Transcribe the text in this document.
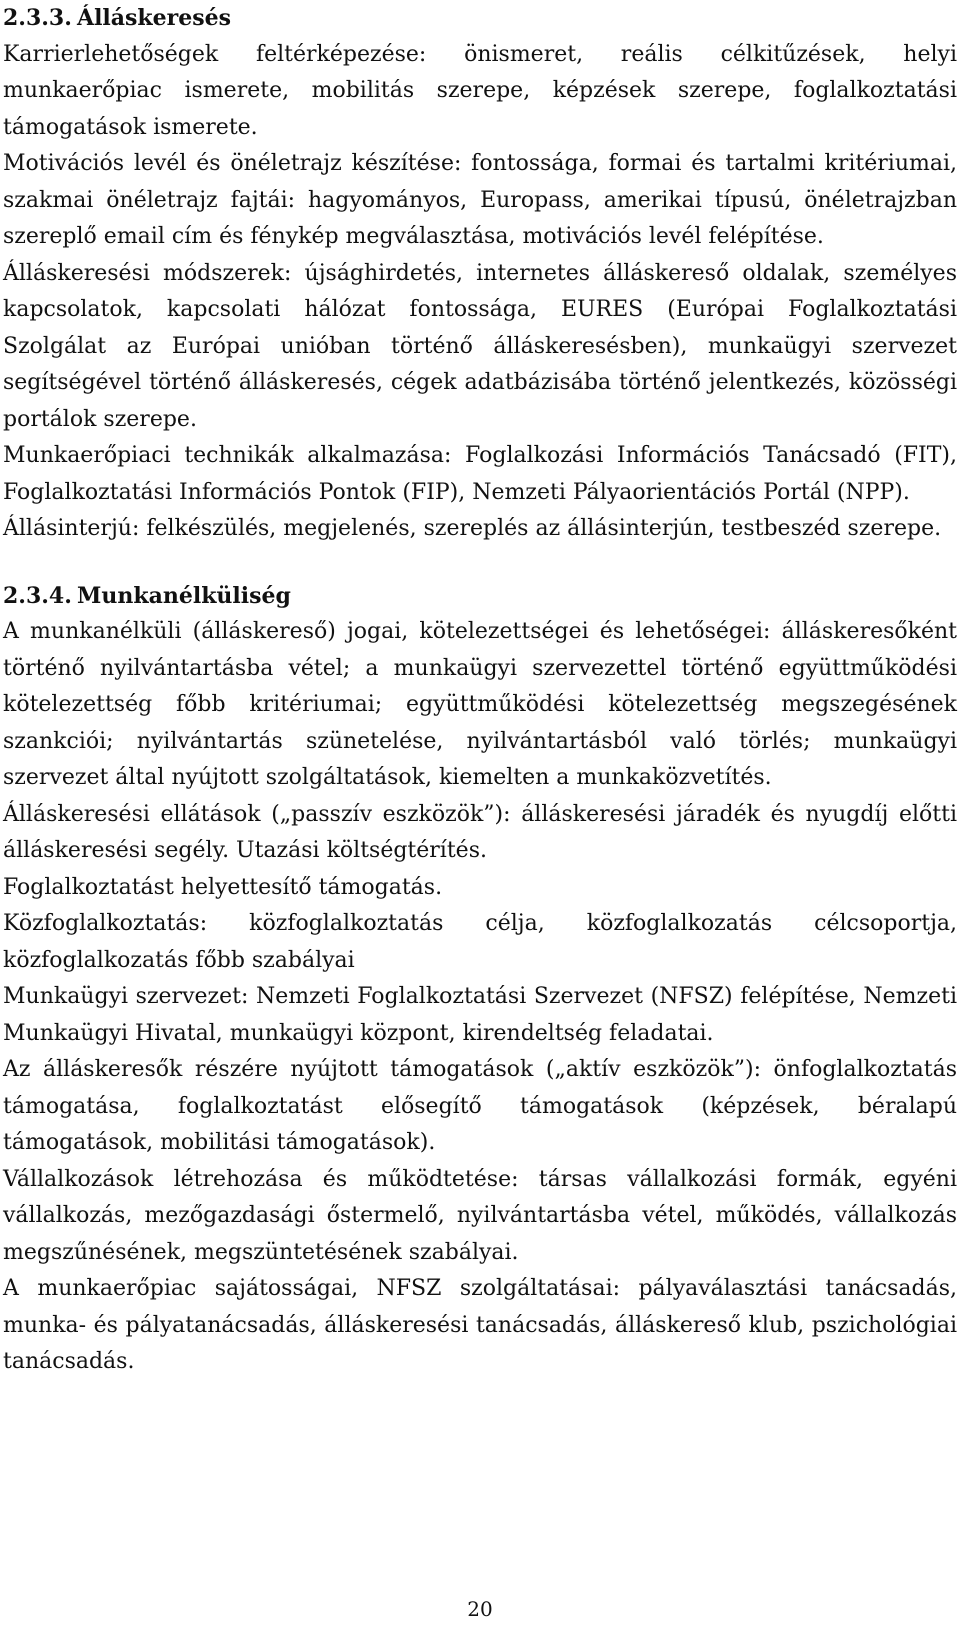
2.3.3. Álláskeresés

Karrierlehetőségek feltérképezése: önismeret, reális célkitűzések, helyi munkaerőpiac ismerete, mobilitás szerepe, képzések szerepe, foglalkoztatási támogatások ismerete.

Motivációs levél és önéletrajz készítése: fontossága, formai és tartalmi kritériumai, szakmai önéletrajz fajtái: hagyományos, Europass, amerikai típusú, önéletrajzban szereplő email cím és fénykép megválasztása, motivációs levél felépítése.

Álláskeresési módszerek: újsághirdetés, internetes álláskereső oldalak, személyes kapcsolatok, kapcsolati hálózat fontossága, EURES (Európai Foglalkoztatási Szolgálat az Európai unióban történő álláskeresésben), munkaügyi szervezet segítségével történő álláskeresés, cégek adatbázisába történő jelentkezés, közösségi portálok szerepe.

Munkaerőpiaci technikák alkalmazása: Foglalkozási Információs Tanácsadó (FIT), Foglalkoztatási Információs Pontok (FIP), Nemzeti Pályaorientációs Portál (NPP).

Állásinterjú: felkészülés, megjelenés, szereplés az állásinterjún, testbeszéd szerepe.

2.3.4. Munkanélküliség

A munkanélküli (álláskereső) jogai, kötelezettségei és lehetőségei: álláskeresőként történő nyilvántartásba vétel; a munkaügyi szervezettel történő együttműködési kötelezettség főbb kritériumai; együttműködési kötelezettség megszegésének szankciói; nyilvántartás szünetelése, nyilvántartásból való törlés; munkaügyi szervezet által nyújtott szolgáltatások, kiemelten a munkaközvetítés.

Álláskeresési ellátások („passzív eszközök”): álláskeresési járadék és nyugdíj előtti álláskeresési segély. Utazási költségtérítés.

Foglalkoztatást helyettesítő támogatás.

Közfoglalkoztatás: közfoglalkoztatás célja, közfoglalkozatás célcsoportja, közfoglalkozatás főbb szabályai

Munkaügyi szervezet: Nemzeti Foglalkoztatási Szervezet (NFSZ) felépítése, Nemzeti Munkaügyi Hivatal, munkaügyi központ, kirendeltség feladatai.

Az álláskeresők részére nyújtott támogatások („aktív eszközök”): önfoglalkoztatás támogatása, foglalkoztatást elősegítő támogatások (képzések, béralapú támogatások, mobilitási támogatások).

Vállalkozások létrehozása és működtetése: társas vállalkozási formák, egyéni vállalkozás, mezőgazdasági őstermelő, nyilvántartásba vétel, működés, vállalkozás megszűnésének, megszüntetésének szabályai.

A munkaerőpiac sajátosságai, NFSZ szolgáltatásai: pályaválasztási tanácsadás, munka- és pályatanácsadás, álláskeresési tanácsadás, álláskereső klub, pszichológiai tanácsadás.

20
